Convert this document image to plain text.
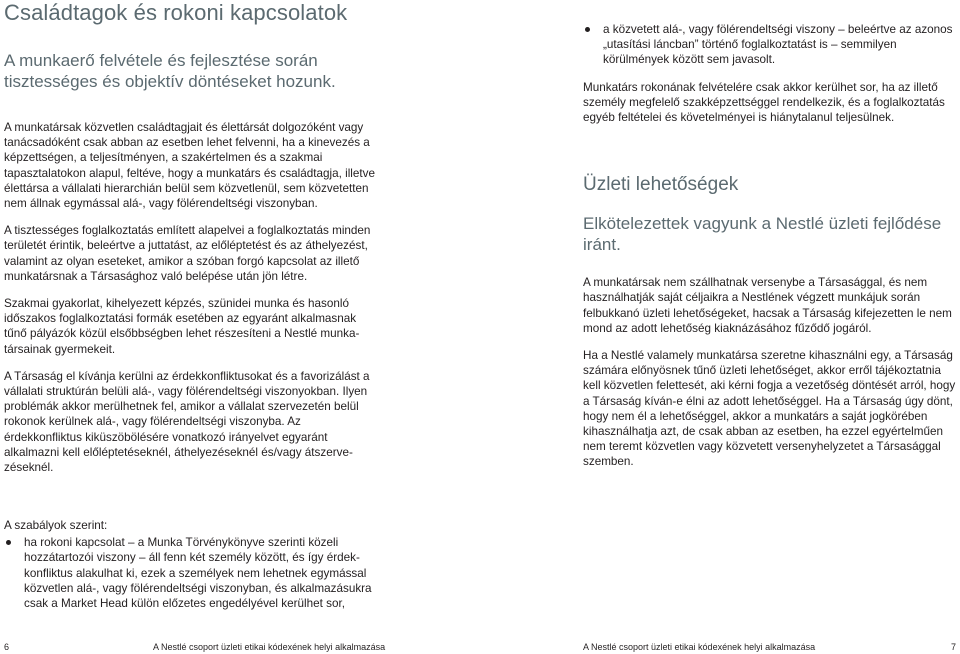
Családtagok és rokoni kapcsolatok
A munkaerő felvétele és fejlesztése során tisztességes és objektív döntéseket hozunk.

A munkatársak közvetlen családtagjait és élettársát dolgozóként vagy tanácsadóként csak abban az esetben lehet felvenni, ha a kinevezés a képzettségen, a teljesítményen, a szakértelmen és a szakmai tapasztalatokon alapul, feltéve, hogy a munkatárs és családtagja, illetve élettársa a vállalati hierarchián belül sem közvetlenül, sem közvetetten nem állnak egymással alá-, vagy fölérendeltségi viszonyban.

A tisztességes foglalkoztatás említett alapelvei a foglalkoztatás minden területét érintik, beleértve a juttatást, az előléptetést és az áthelyezést, valamint az olyan eseteket, amikor a szóban forgó kapcsolat az illető munkatársnak a Társasághoz való belépése után jön létre.

Szakmai gyakorlat, kihelyezett képzés, szünidei munka és hasonló időszakos foglalkoztatási formák esetében az egyaránt alkalmasnak tűnő pályázók közül elsőbbségben lehet részesíteni a Nestlé munkatársainak gyermekeit.

A Társaság el kívánja kerülni az érdekkonfliktusokat és a favorizálást a vállalati struktúrán belüli alá-, vagy fölérendeltségi viszonyokban. Ilyen problémák akkor merülhetnek fel, amikor a vállalat szervezetén belül rokonok kerülnek alá-, vagy fölérendeltségi viszonyba. Az érdekkonfliktus kiküszöbölésére vonatkozó irányelvet egyaránt alkalmazni kell előléptetéseknél, áthelyezéseknél és/vagy átszervezéseknél.

A szabályok szerint:

ha rokoni kapcsolat – a Munka Törvénykönyve szerinti közeli hozzátartozói viszony – áll fenn két személy között, és így érdekkonfliktus alakulhat ki, ezek a személyek nem lehetnek egymással közvetlen alá-, vagy fölérendeltségi viszonyban, és alkalmazásukra csak a Market Head külön előzetes engedélyével kerülhet sor,
a közvetett alá-, vagy fölérendeltségi viszony – beleértve az azonos „utasítási láncban” történő foglalkoztatást is – semmilyen körülmények között sem javasolt.

Munkatárs rokonának felvételére csak akkor kerülhet sor, ha az illető személy megfelelő szakképzettséggel rendelkezik, és a foglalkoztatás egyéb feltételei és követelményei is hiánytalanul teljesülnek.

Üzleti lehetőségek
Elkötelezettek vagyunk a Nestlé üzleti fejlődése iránt.

A munkatársak nem szállhatnak versenybe a Társasággal, és nem használhatják saját céljaikra a Nestlének végzett munkájuk során felbukkanó üzleti lehetőségeket, hacsak a Társaság kifejezetten le nem mond az adott lehetőség kiaknázásához fűződő jogáról.

Ha a Nestlé valamely munkatársa szeretne kihasználni egy, a Társaság számára előnyösnek tűnő üzleti lehetőséget, akkor erről tájékoztatnia kell közvetlen felettesét, aki kérni fogja a vezetőség döntését arról, hogy a Társaság kíván-e élni az adott lehetőséggel. Ha a Társaság úgy dönt, hogy nem él a lehetőséggel, akkor a munkatárs a saját jogkörében kihasználhatja azt, de csak abban az esetben, ha ezzel egyértelműen nem teremt közvetlen vagy közvetett versenyhelyzetet a Társasággal szemben.

6	A Nestlé csoport üzleti etikai kódexének helyi alkalmazása	A Nestlé csoport üzleti etikai kódexének helyi alkalmazása	7
